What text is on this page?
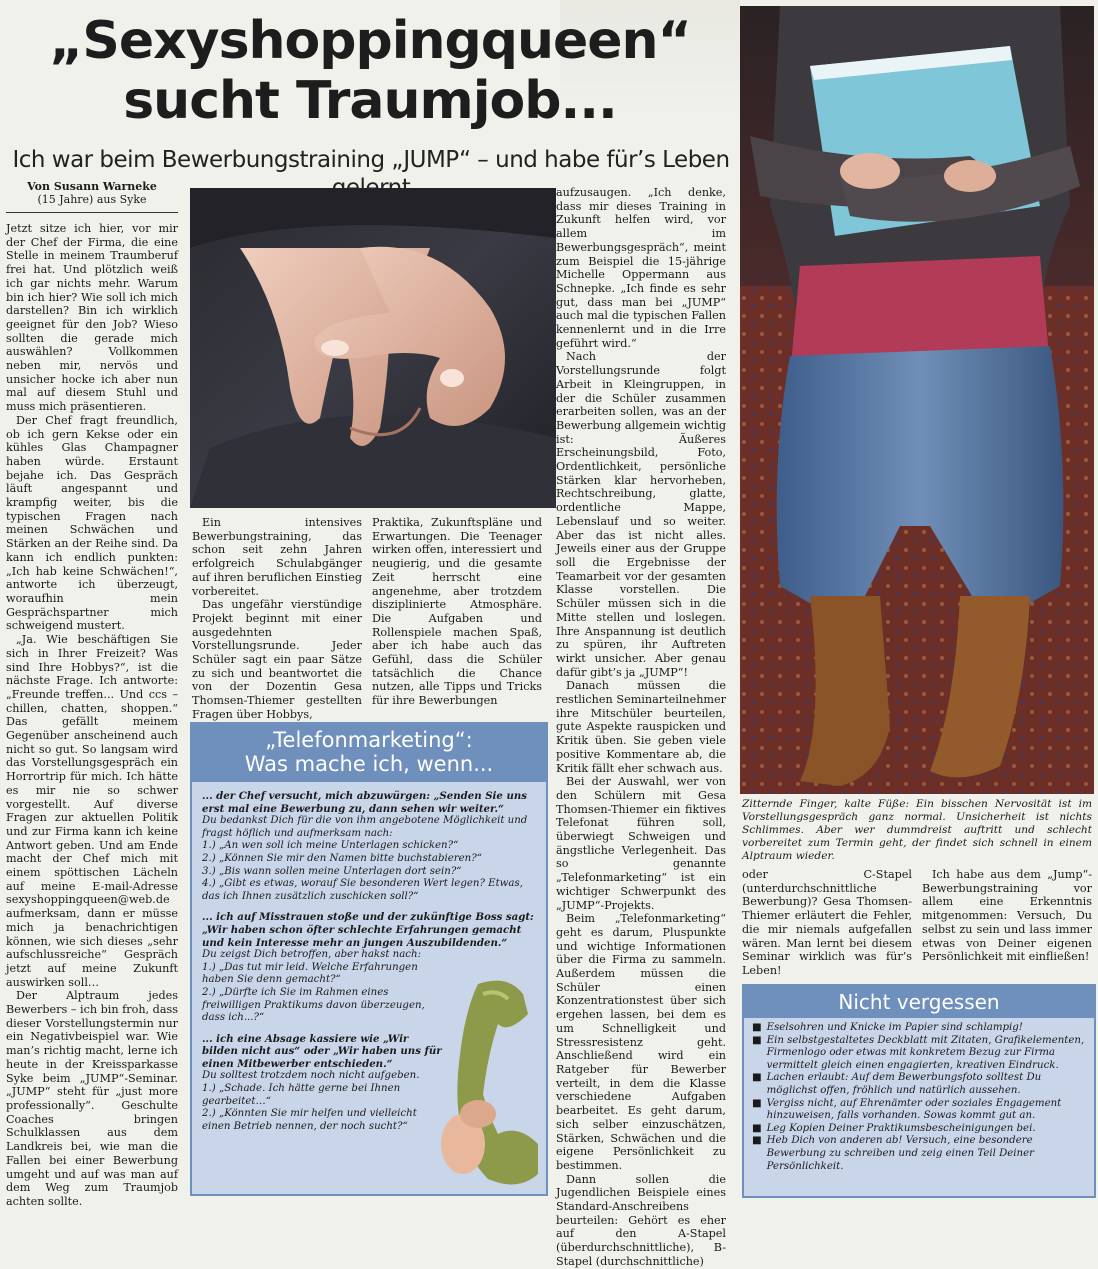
„Sexyshoppingqueen“
sucht Traumjob...
Ich war beim Bewerbungstraining „JUMP“ – und habe für’s Leben
Von Susann Warneke
(15 Jahre) aus Syke

Jetzt sitze ich hier, vor mir der Chef der Firma, die eine Stelle in meinem Traumberuf frei hat. Und plötzlich weiß ich gar nichts mehr. Warum bin ich hier? Wie soll ich mich darstellen? Bin ich wirklich geeignet für den Job? Wieso sollten die gerade mich auswählen? Vollkommen neben mir, nervös und unsicher hocke ich aber nun mal auf diesem Stuhl und muss mich präsentieren.

Der Chef fragt freundlich, ob ich gern Kekse oder ein kühles Glas Champagner haben würde. Erstaunt bejahe ich. Das Gespräch läuft angespannt und krampfig weiter, bis die typischen Fragen nach meinen Schwächen und Stärken an der Reihe sind. Da kann ich endlich punkten: „Ich hab keine Schwächen!“, antworte ich überzeugt, woraufhin mein Gesprächspartner mich schweigend mustert.

„Ja. Wie beschäftigen Sie sich in Ihrer Freizeit? Was sind Ihre Hobbys?“, ist die nächste Frage. Ich antworte: „Freunde treffen... Und ccs – chillen, chatten, shoppen.“ Das gefällt meinem Gegenüber anscheinend auch nicht so gut. So langsam wird das Vorstellungsgespräch ein Horrortrip für mich. Ich hätte es mir nie so schwer vorgestellt. Auf diverse Fragen zur aktuellen Politik und zur Firma kann ich keine Antwort geben. Und am Ende macht der Chef mich mit einem spöttischen Lächeln auf meine E-mail-Adresse sexyshoppingqueen@web.de aufmerksam, dann er müsse mich ja benachrichtigen können, wie sich dieses „sehr aufschlussreiche“ Gespräch jetzt auf meine Zukunft auswirken soll…

Der Alptraum jedes Bewerbers – ich bin froh, dass dieser Vorstellungstermin nur ein Negativbeispiel war. Wie man’s richtig macht, lerne ich heute in der Kreissparkasse Syke beim „JUMP“-Seminar. „JUMP“ steht für „just more professionally“. Geschulte Coaches bringen Schulklassen aus dem Landkreis bei, wie man die Fallen bei einer Bewerbung umgeht und auf was man auf dem Weg zum Traumjob achten sollte.

Ein intensives Bewerbungstraining, das schon seit zehn Jahren erfolgreich Schulabgänger auf ihren beruflichen Einstieg vorbereitet.

Das ungefähr vierstündige Projekt beginnt mit einer ausgedehnten Vorstellungsrunde. Jeder Schüler sagt ein paar Sätze zu sich und beantwortet die von der Dozentin Gesa Thomsen-Thiemer gestellten Fragen über Hobbys,

Praktika, Zukunftspläne und Erwartungen. Die Teenager wirken offen, interessiert und neugierig, und die gesamte Zeit herrscht eine angenehme, aber trotzdem disziplinierte Atmosphäre. Die Aufgaben und Rollenspiele machen Spaß, aber ich habe auch das Gefühl, dass die Schüler tatsächlich die Chance nutzen, alle Tipps und Tricks für ihre Bewerbungen

„Telefonmarketing“:
Was mache ich, wenn...
... der Chef versucht, mich abzuwürgen: „Senden Sie uns erst mal eine Bewerbung zu, dann sehen wir weiter.“
Du bedankst Dich für die von ihm angebotene Möglichkeit und fragst höflich und aufmerksam nach:
1.) „An wen soll ich meine Unterlagen schicken?“
2.) „Können Sie mir den Namen bitte buchstabieren?“
3.) „Bis wann sollen meine Unterlagen dort sein?“
4.) „Gibt es etwas, worauf Sie besonderen Wert legen? Etwas, das ich Ihnen zusätzlich zuschicken soll?“
... ich auf Misstrauen stoße und der zukünftige Boss sagt: „Wir haben schon öfter schlechte Erfahrungen gemacht und kein Interesse mehr an jungen Auszubildenden.“
Du zeigst Dich betroffen, aber hakst nach:
1.) „Das tut mir leid. Welche Erfahrungen haben Sie denn gemacht?“
2.) „Dürfte ich Sie im Rahmen eines freiwilligen Praktikums davon überzeugen, dass ich...?“
... ich eine Absage kassiere wie „Wir bilden nicht aus“ oder „Wir haben uns für einen Mitbewerber entschieden.“
Du solltest trotzdem noch nicht aufgeben.
1.) „Schade. Ich hätte gerne bei Ihnen gearbeitet…“
2.) „Könnten Sie mir helfen und vielleicht einen Betrieb nennen, der noch sucht?“

aufzusaugen. „Ich denke, dass mir dieses Training in Zukunft helfen wird, vor allem im Bewerbungsgespräch“, meint zum Beispiel die 15-jährige Michelle Oppermann aus Schnepke. „Ich finde es sehr gut, dass man bei „JUMP“ auch mal die typischen Fallen kennenlernt und in die Irre geführt wird.“

Nach der Vorstellungsrunde folgt Arbeit in Kleingruppen, in der die Schüler zusammen erarbeiten sollen, was an der Bewerbung allgemein wichtig ist: Äußeres Erscheinungsbild, Foto, Ordentlichkeit, persönliche Stärken klar hervorheben, Rechtschreibung, glatte, ordentliche Mappe, Lebenslauf und so weiter. Aber das ist nicht alles. Jeweils einer aus der Gruppe soll die Ergebnisse der Teamarbeit vor der gesamten Klasse vorstellen. Die Schüler müssen sich in die Mitte stellen und loslegen. Ihre Anspannung ist deutlich zu spüren, ihr Auftreten wirkt unsicher. Aber genau dafür gibt’s ja „JUMP“!

Danach müssen die restlichen Seminarteilnehmer ihre Mitschüler beurteilen, gute Aspekte rauspicken und Kritik üben. Sie geben viele positive Kommentare ab, die Kritik fällt eher schwach aus.

Bei der Auswahl, wer von den Schülern mit Gesa Thomsen-Thiemer ein fiktives Telefonat führen soll, überwiegt Schweigen und ängstliche Verlegenheit. Das so genannte „Telefonmarketing“ ist ein wichtiger Schwerpunkt des „JUMP“-Projekts.

Beim „Telefonmarketing“ geht es darum, Pluspunkte und wichtige Informationen über die Firma zu sammeln. Außerdem müssen die Schüler einen Konzentrationstest über sich ergehen lassen, bei dem es um Schnelligkeit und Stressresistenz geht. Anschließend wird ein Ratgeber für Bewerber verteilt, in dem die Klasse verschiedene Aufgaben bearbeitet. Es geht darum, sich selber einzuschätzen, Stärken, Schwächen und die eigene Persönlichkeit zu bestimmen.

Dann sollen die Jugendlichen Beispiele eines Standard-Anschreibens beurteilen: Gehört es eher auf den A-Stapel (überdurchschnittliche), B-Stapel (durchschnittliche)

Zitternde Finger, kalte Füße: Ein bisschen Nervosität ist im Vorstellungsgespräch ganz normal. Unsicherheit ist nichts Schlimmes. Aber wer dummdreist auftritt und schlecht vorbereitet zum Termin geht, der findet sich schnell in einem Alptraum wieder.

oder C-Stapel (unterdurchschnittliche Bewerbung)? Gesa Thomsen-Thiemer erläutert die Fehler, die mir niemals aufgefallen wären. Man lernt bei diesem Seminar wirklich was für’s Leben!

Ich habe aus dem „Jump“-Bewerbungstraining vor allem eine Erkenntnis mitgenommen: Versuch, Du selbst zu sein und lass immer etwas von Deiner eigenen Persönlichkeit mit einfließen!

Nicht vergessen
■ Eselsohren und Knicke im Papier sind schlampig!
■ Ein selbstgestaltetes Deckblatt mit Zitaten, Grafikelementen, Firmenlogo oder etwas mit konkretem Bezug zur Firma vermittelt gleich einen engagierten, kreativen Eindruck.
■ Lachen erlaubt: Auf dem Bewerbungsfoto solltest Du möglichst offen, fröhlich und natürlich aussehen.
■ Vergiss nicht, auf Ehrenämter oder soziales Engagement hinzuweisen, falls vorhanden. Sowas kommt gut an.
■ Leg Kopien Deiner Praktikumsbescheinigungen bei.
■ Heb Dich von anderen ab! Versuch, eine besondere Bewerbung zu schreiben und zeig einen Teil Deiner Persönlichkeit.
